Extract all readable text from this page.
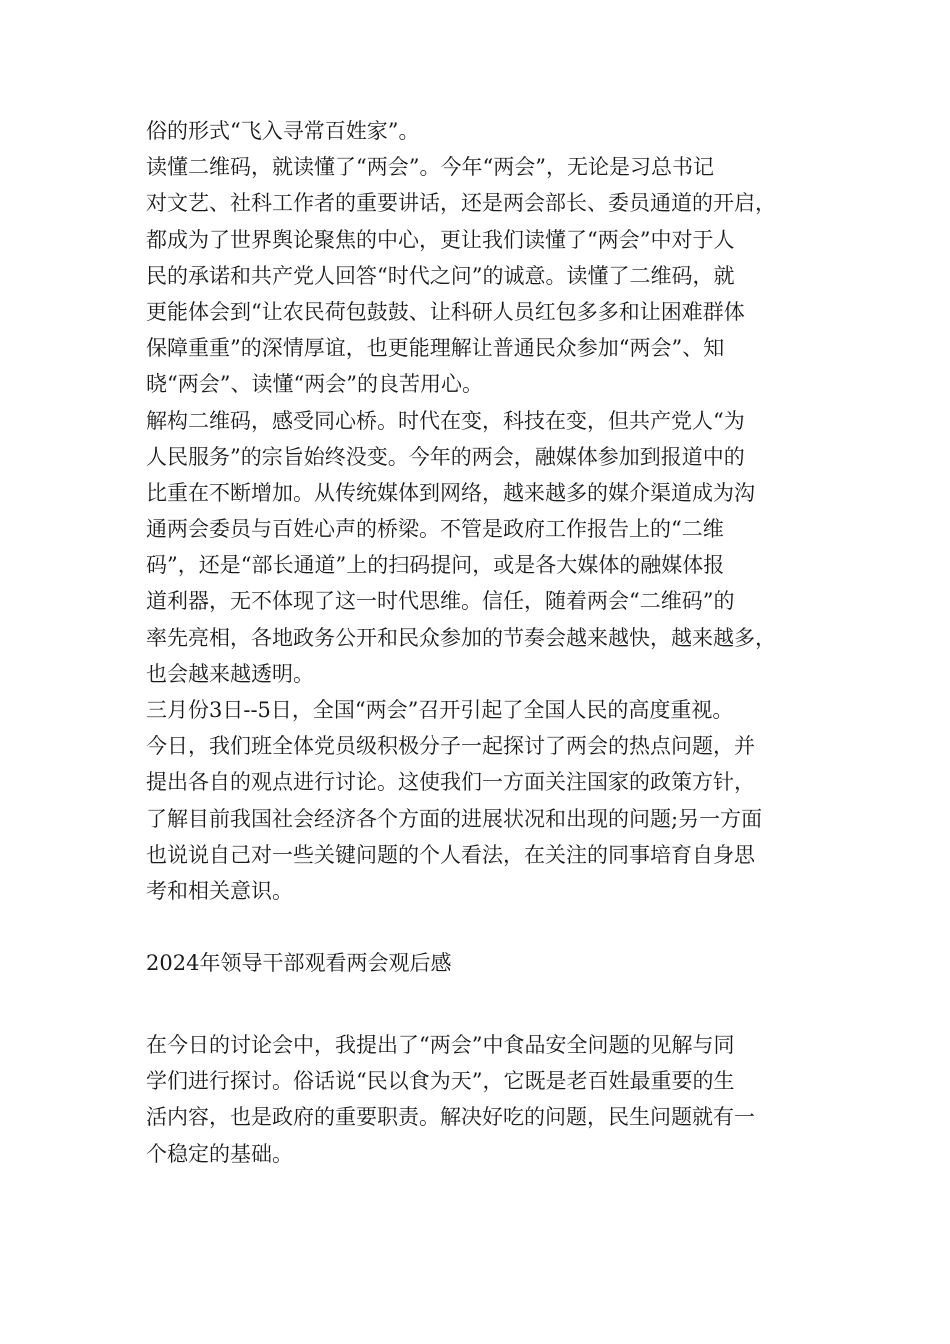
俗的形式“飞入寻常百姓家”。
读懂二维码，就读懂了“两会”。今年“两会”，无论是习总书记
对文艺、社科工作者的重要讲话，还是两会部长、委员通道的开启，
都成为了世界舆论聚焦的中心，更让我们读懂了“两会”中对于人
民的承诺和共产党人回答“时代之问”的诚意。读懂了二维码，就
更能体会到“让农民荷包鼓鼓、让科研人员红包多多和让困难群体
保障重重”的深情厚谊，也更能理解让普通民众参加“两会”、知
晓“两会”、读懂“两会”的良苦用心。
解构二维码，感受同心桥。时代在变，科技在变，但共产党人“为
人民服务”的宗旨始终没变。今年的两会，融媒体参加到报道中的
比重在不断增加。从传统媒体到网络，越来越多的媒介渠道成为沟
通两会委员与百姓心声的桥梁。不管是政府工作报告上的“二维
码”，还是“部长通道”上的扫码提问，或是各大媒体的融媒体报
道利器，无不体现了这一时代思维。信任，随着两会“二维码”的
率先亮相，各地政务公开和民众参加的节奏会越来越快，越来越多，
也会越来越透明。
三月份3日--5日，全国“两会”召开引起了全国人民的高度重视。
今日，我们班全体党员级积极分子一起探讨了两会的热点问题，并
提出各自的观点进行讨论。这使我们一方面关注国家的政策方针，
了解目前我国社会经济各个方面的进展状况和出现的问题;另一方面
也说说自己对一些关键问题的个人看法，在关注的同事培育自身思
考和相关意识。
2024年领导干部观看两会观后感
在今日的讨论会中，我提出了“两会”中食品安全问题的见解与同
学们进行探讨。俗话说“民以食为天”，它既是老百姓最重要的生
活内容，也是政府的重要职责。解决好吃的问题，民生问题就有一
个稳定的基础。
